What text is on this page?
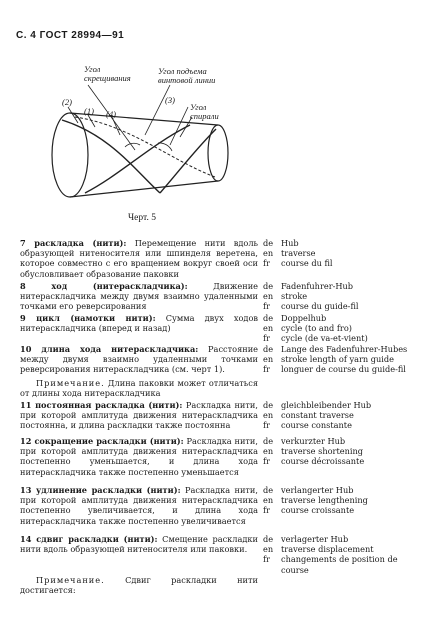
С. 4 ГОСТ 28994—91
Угол
скрещивания
Угол подъема
винтовой линии
Угол
спирали
(2)
(1) (4)
(3)
Черт. 5
de Hub
en traverse
fr	course du fil
7 раскладка (нити): Перемещение нити вдоль образующей нитеносителя или шпинделя веретена, которое совместно с его вращением вокруг своей оси обусловливает образование паковки
de Fadenfuhrer-Hub
en stroke
fr	course du guide-fil
8 ход (нитераскладчика): Движение нитераскладчика между двумя взаимно удаленными точками его реверсирования
de Doppelhub
en cycle (to and fro)
fr	cycle (de va-et-vient)
9 цикл (намотки нити): Сумма двух ходов нитераскладчика (вперед и назад)
de Lange des Fadenfuhrer-Hubes
en stroke length of yarn guide
fr	longuer de course du guide-fil
10 длина хода нитераскладчика: Расстояние между двумя взаимно удаленными точками реверсирования нитераскладчика (см. черт 1).
Примечание. Длина паковки может отличаться от длины хода нитераскладчика
de gleichbleibender Hub
en constant traverse
fr	course constante
11 постоянная раскладка (нити): Раскладка нити, при которой амплитуда движения нитераскладчика постоянна, и длина раскладки также постоянна
de verkurzter Hub
en traverse shortening
fr	course décroissante
12 сокращение раскладки (нити): Раскладка нити, при которой амплитуда движения нитераскладчика постепенно уменьшается, и длина хода нитераскладчика также постепенно уменьшается
de verlangerter Hub
en traverse lengthening
fr	course croissante
13 удлинение раскладки (нити): Раскладка нити, при которой амплитуда движения нитераскладчика постепенно увеличивается, и длина хода нитераскладчика также постепенно увеличивается
de verlagerter Hub
en traverse displacement
fr	changements de position de course
14 сдвиг раскладки (нити): Смещение раскладки нити вдоль образующей нитеносителя или паковки.
Примечание. Сдвиг раскладки нити достигается:
